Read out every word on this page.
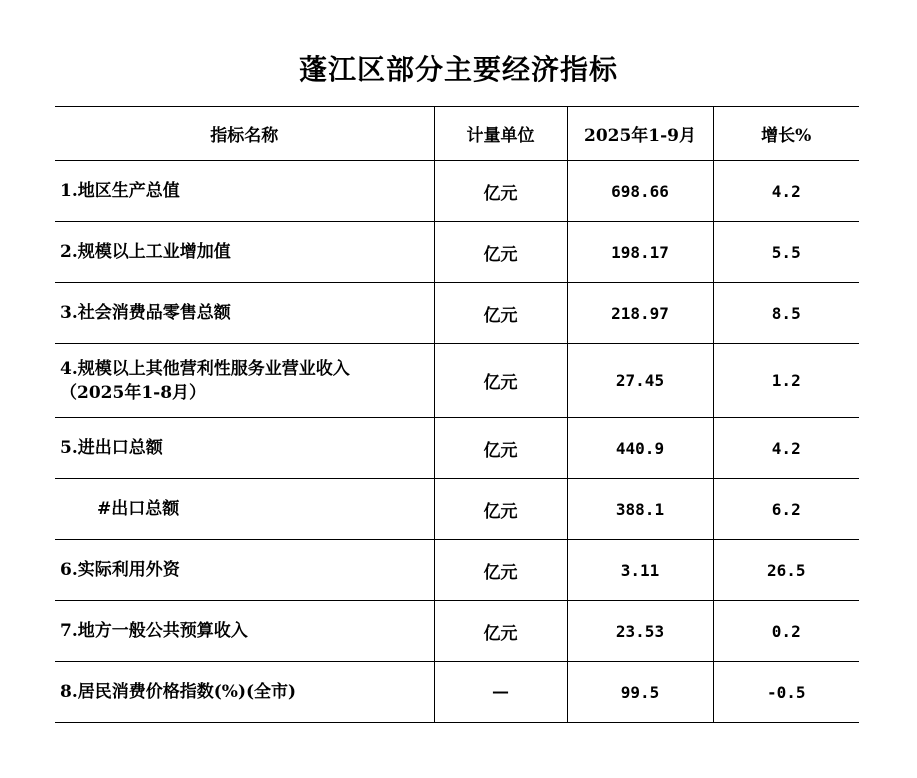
蓬江区部分主要经济指标
指标名称	计量单位	2025年1-9月	增长%
1.地区生产总值	亿元	698.66	4.2
2.规模以上工业增加值	亿元	198.17	5.5
3.社会消费品零售总额	亿元	218.97	8.5

4.规模以上其他营利性服务业营业收入
（2025年1-8月）	亿元	27.45	1.2
5.进出口总额	亿元	440.9	4.2
#出口总额	亿元	388.1	6.2
6.实际利用外资	亿元	3.11	26.5
7.地方一般公共预算收入	亿元	23.53	0.2
8.居民消费价格指数(%)(全市)	—	99.5	-0.5
